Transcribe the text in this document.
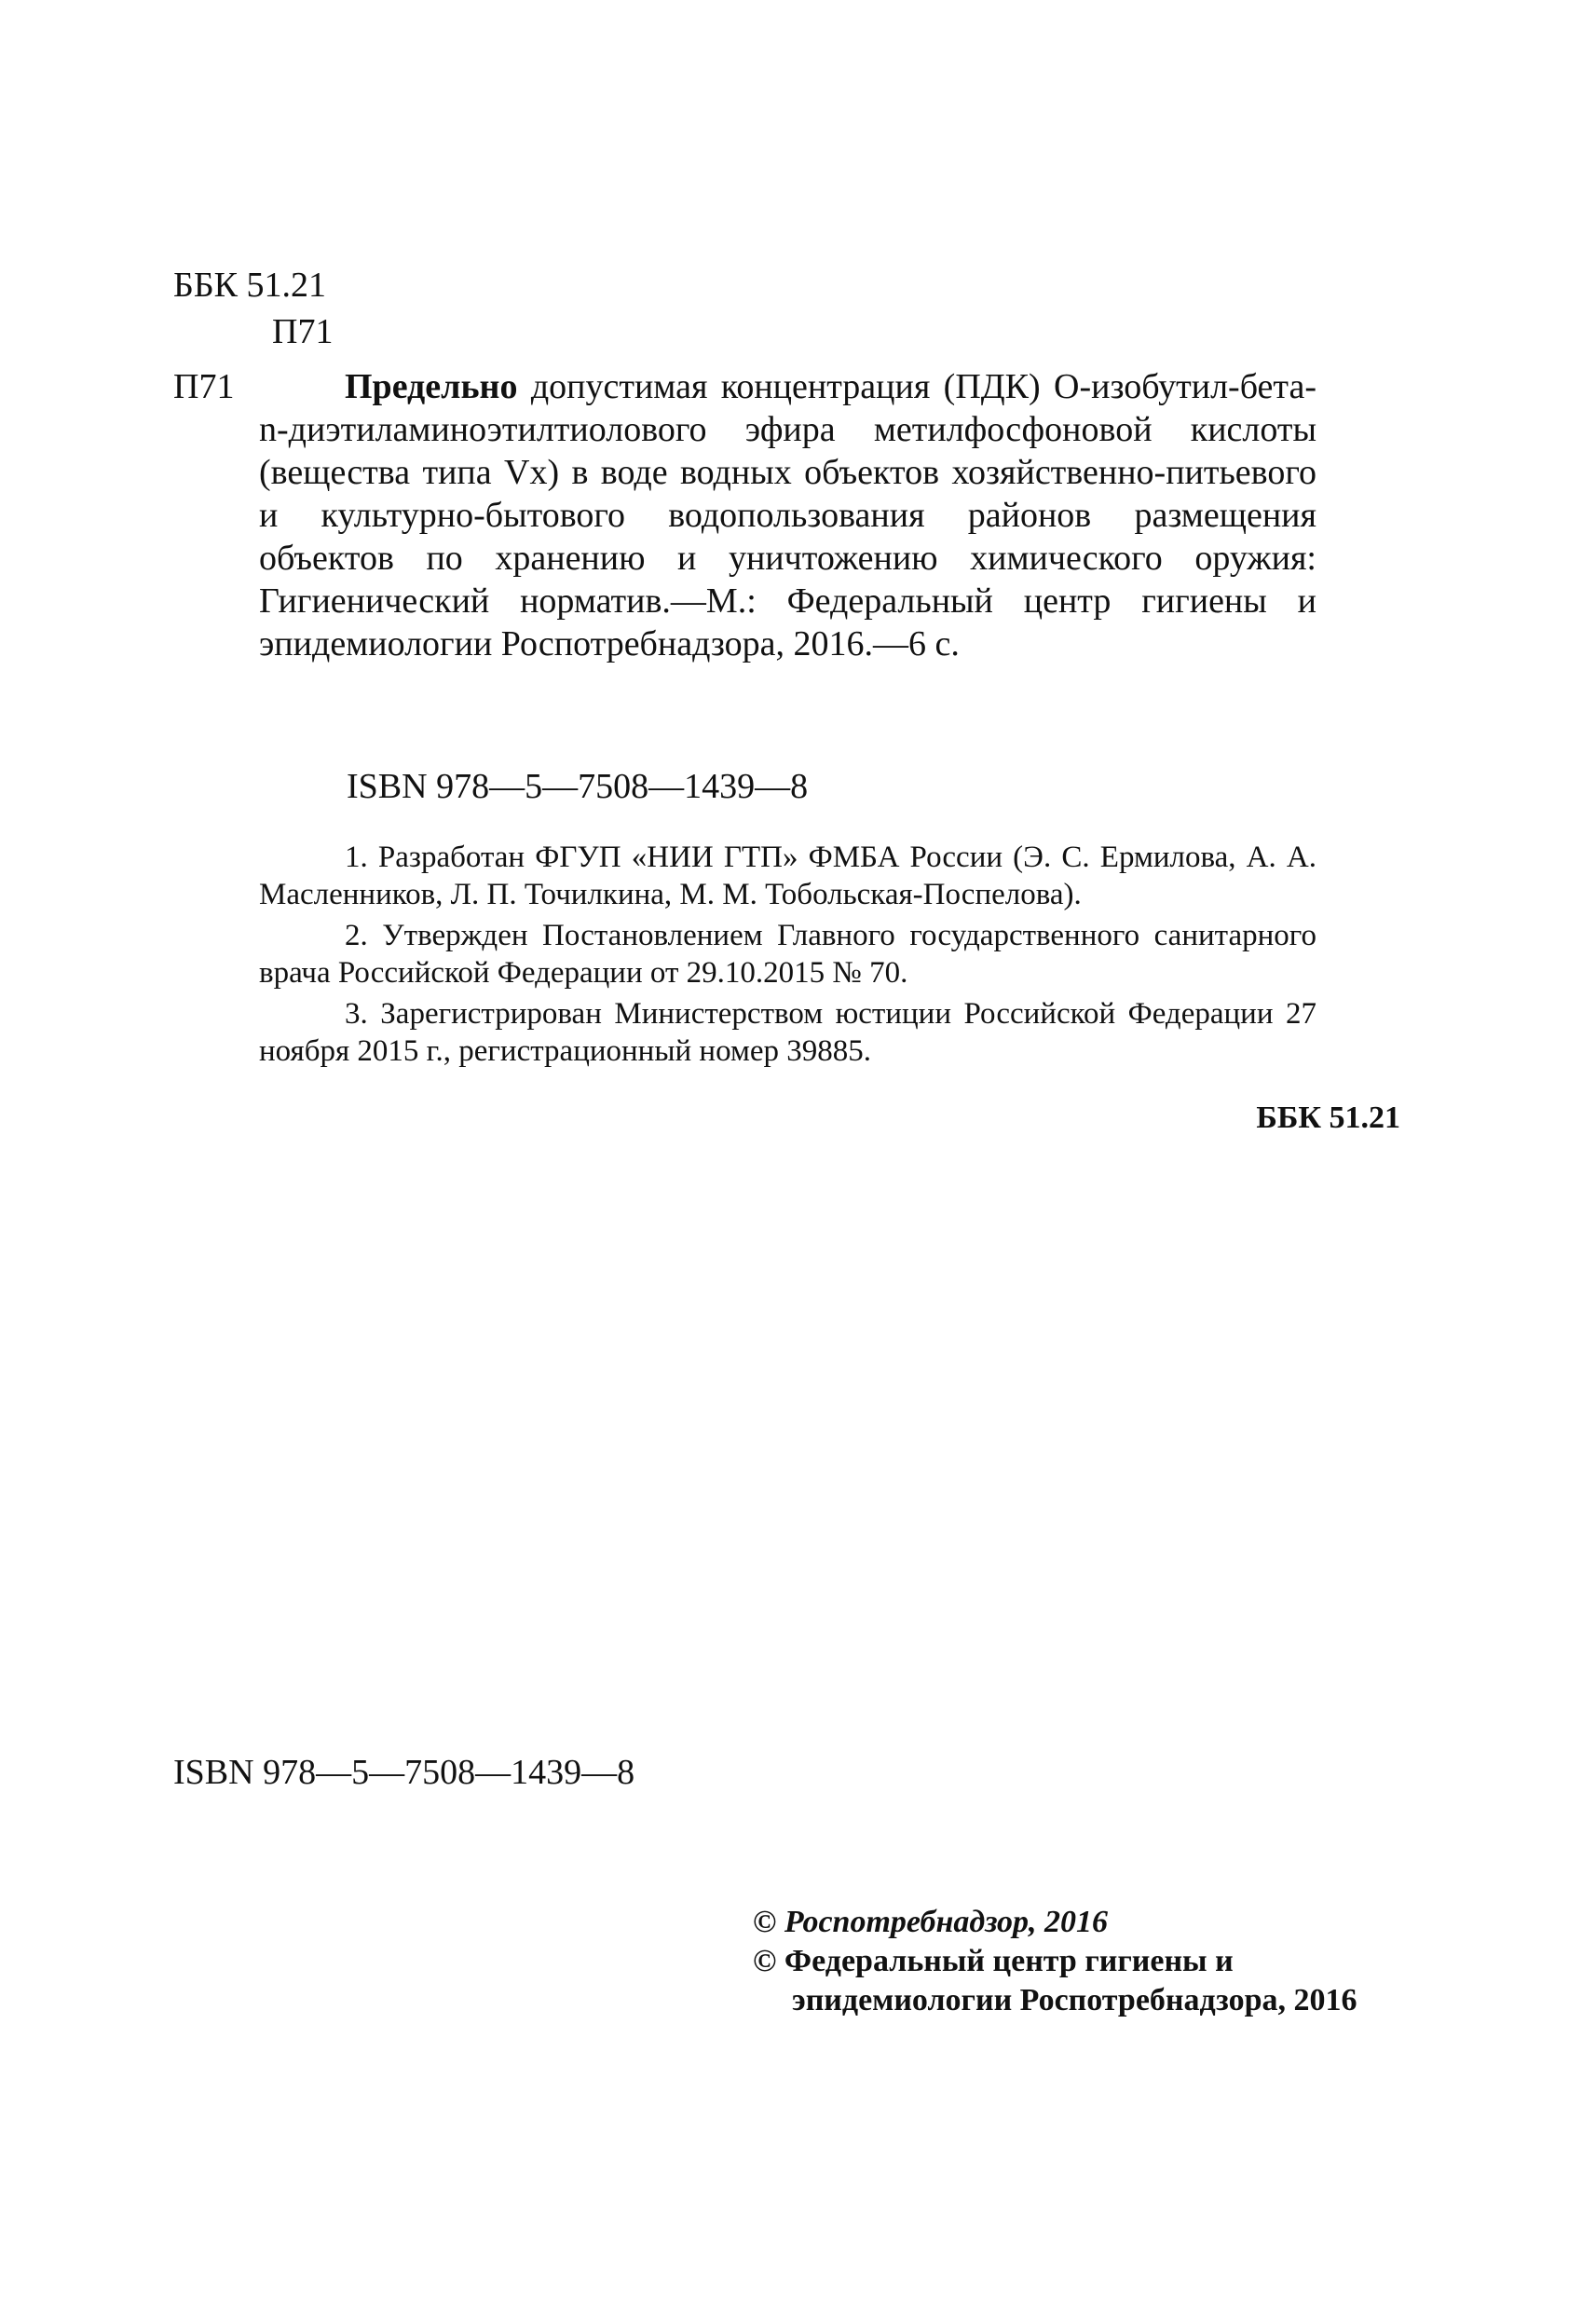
ББК 51.21
П71
П71	Предельно допустимая концентрация (ПДК) О-изобутил-бета-n-диэтиламиноэтилтиолового эфира метилфосфоновой кислоты (вещества типа Vx) в воде водных объектов хозяйственно-питьевого и культурно-бытового водопользования районов размещения объектов по хранению и уничтожению химического оружия: Гигиенический норматив.—М.: Федеральный центр гигиены и эпидемиологии Роспотребнадзора, 2016.—6 с.
ISBN 978—5—7508—1439—8

1. Разработан ФГУП «НИИ ГТП» ФМБА России (Э. С. Ермилова, А. А. Масленников, Л. П. Точилкина, М. М. Тобольская-Поспелова).

2. Утвержден Постановлением Главного государственного санитарного врача Российской Федерации от 29.10.2015 № 70.

3. Зарегистрирован Министерством юстиции Российской Федерации 27 ноября 2015 г., регистрационный номер 39885.

ББК 51.21
ISBN 978—5—7508—1439—8
© Роспотребнадзор, 2016
© Федеральный центр гигиены и
эпидемиологии Роспотребнадзора, 2016
